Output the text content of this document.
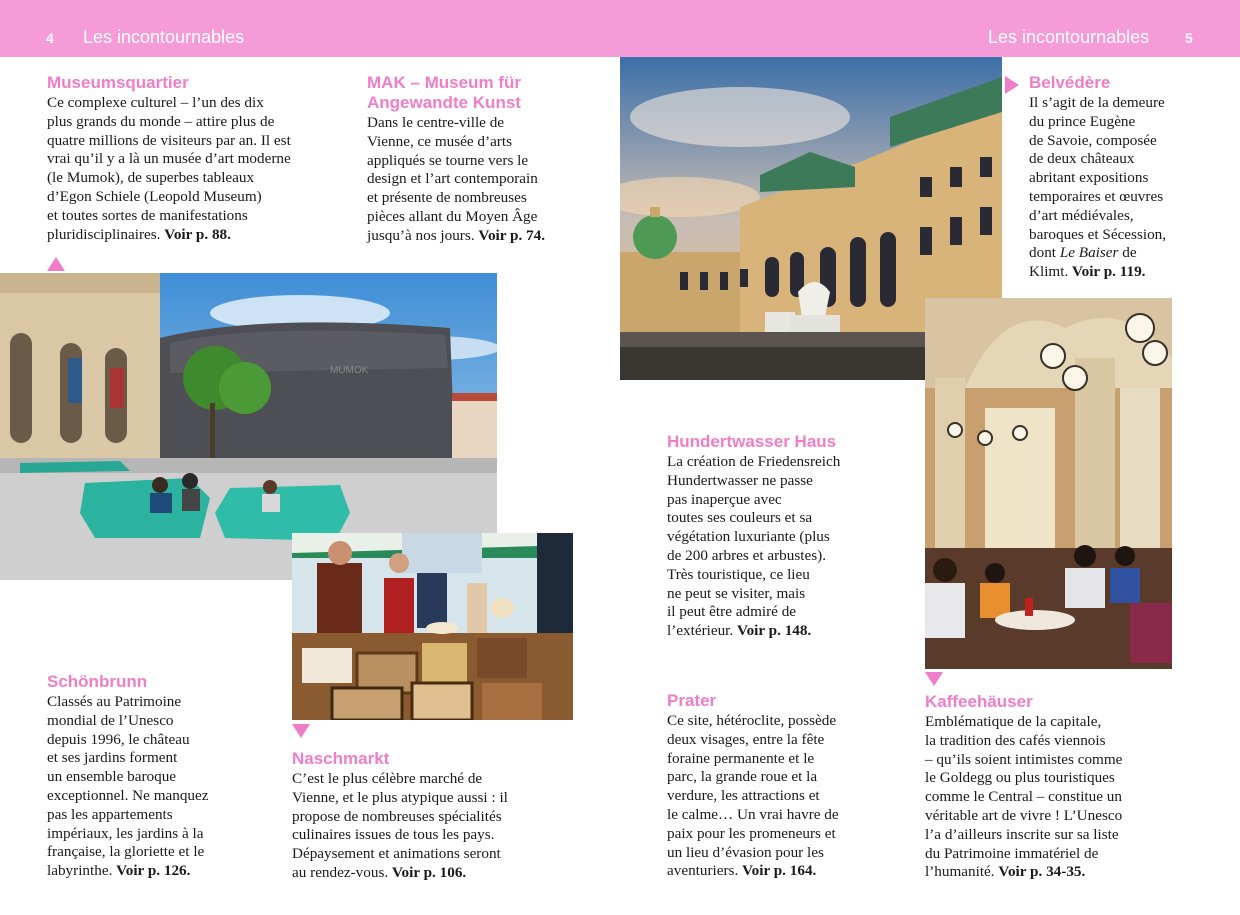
4 Les incontournables	Les incontournables	5
Museumsquartier

Ce complexe culturel – l’un des dix
plus grands du monde – attire plus de
quatre millions de visiteurs par an. Il est
vrai qu’il y a là un musée d’art moderne
(le Mumok), de superbes tableaux
d’Egon Schiele (Leopold Museum)
et toutes sortes de manifestations
pluridisciplinaires. Voir p. 88.

MAK – Museum für
Angewandte Kunst

Dans le centre-ville de
Vienne, ce musée d’arts
appliqués se tourne vers le
design et l’art contemporain
et présente de nombreuses
pièces allant du Moyen Âge
jusqu’à nos jours. Voir p. 74.

MUMOK
Belvédère

Il s’agit de la demeure
du prince Eugène
de Savoie, composée
de deux châteaux
abritant expositions
temporaires et œuvres
d’art médiévales,
baroques et Sécession,
dont Le Baiser de
Klimt. Voir p. 119.

Hundertwasser Haus

La création de Friedensreich
Hundertwasser ne passe
pas inaperçue avec
toutes ses couleurs et sa
végétation luxuriante (plus
de 200 arbres et arbustes).
Très touristique, ce lieu
ne peut se visiter, mais
il peut être admiré de
l’extérieur. Voir p. 148.

Schönbrunn

Classés au Patrimoine
mondial de l’Unesco
depuis 1996, le château
et ses jardins forment
un ensemble baroque
exceptionnel. Ne manquez
pas les appartements
impériaux, les jardins à la
française, la gloriette et le
labyrinthe. Voir p. 126.

Naschmarkt

C’est le plus célèbre marché de
Vienne, et le plus atypique aussi : il
propose de nombreuses spécialités
culinaires issues de tous les pays.
Dépaysement et animations seront
au rendez-vous. Voir p. 106.

Prater

Ce site, hétéroclite, possède
deux visages, entre la fête
foraine permanente et le
parc, la grande roue et la
verdure, les attractions et
le calme… Un vrai havre de
paix pour les promeneurs et
un lieu d’évasion pour les
aventuriers. Voir p. 164.

Kaffeehäuser

Emblématique de la capitale,
la tradition des cafés viennois
– qu’ils soient intimistes comme
le Goldegg ou plus touristiques
comme le Central – constitue un
véritable art de vivre ! L’Unesco
l’a d’ailleurs inscrite sur sa liste
du Patrimoine immatériel de
l’humanité. Voir p. 34-35.
